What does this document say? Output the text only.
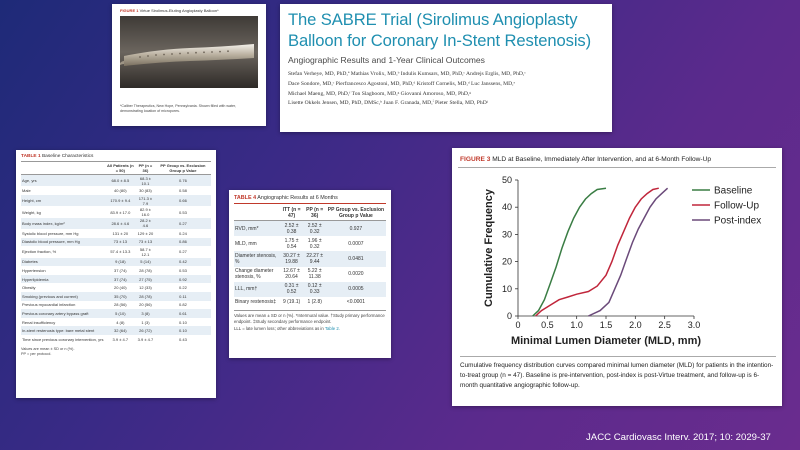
FIGURE 1 Virtue Sirolimus-Eluting Angioplasty Balloon*
*Caliber Therapeutics, New Hope, Pennsylvania. Shown filled with water, demonstrating location of micropores.
The SABRE Trial (Sirolimus Angioplasty Balloon for Coronary In-Stent Restenosis)
Angiographic Results and 1-Year Clinical Outcomes
Stefan Verheye, MD, PhD,ª Mathias Vrolix, MD,ᵇ Indulis Kumsars, MD, PhD,ᶜ Andrejs Erglis, MD, PhD,ᶜ
Dace Sondore, MD,ᶜ Pierfrancesco Agostoni, MD, PhD,ᵈ Kristoff Cornelis, MD,ᵈ Luc Janssens, MD,ᵉ
Michael Maeng, MD, PhD,ᶠ Ton Slagboom, MD,ᵍ Giovanni Amoroso, MD, PhD,ᵍ
Lisette Okkels Jensen, MD, PhD, DMSc,ʰ Juan F. Granada, MD,ⁱ Pieter Stella, MD, PhDʲ
TABLE 1 Baseline Characteristics
	All Patients (n = 50)	PP (n = 36)	PP Group vs. Exclusion Group p Value
Age, yrs	68.0 ± 8.5	68.3 ± 10.1	0.76
Male	40 (80)	30 (83)	0.58
Height, cm	170.9 ± 9.4	171.3 ± 7.9	0.66
Weight, kg	83.9 ± 17.0	82.9 ± 16.0	0.53
Body mass index, kg/m²	28.6 ± 4.6	28.2 ± 4.6	0.27
Systolic blood pressure, mm Hg	131 ± 20	129 ± 20	0.24
Diastolic blood pressure, mm Hg	73 ± 13	73 ± 13	0.86
Ejection fraction, %	57.4 ± 13.3	58.7 ± 12.1	0.27
Diabetes	9 (18)	5 (14)	0.42
Hypertension	37 (74)	28 (78)	0.53
Hyperlipidemia	37 (74)	27 (75)	0.92
Obesity	20 (40)	12 (33)	0.22
Smoking (previous and current)	35 (70)	28 (78)	0.11
Previous myocardial infarction	28 (56)	20 (56)	0.82
Previous coronary artery bypass graft	5 (10)	3 (8)	0.61
Renal insufficiency	4 (8)	1 (3)	0.10
In-stent restenosis type: bare metal stent	32 (64)	26 (72)	0.10
Time since previous coronary intervention, yrs	3.9 ± 4.7	3.9 ± 4.7	0.43
Values are mean ± SD or n (%).
PP = per protocol.
TABLE 4 Angiographic Results at 6 Months
	ITT (n = 47)	PP (n = 36)	PP Group vs. Exclusion Group p Value
RVD, mm*	2.52 ± 0.38	2.52 ± 0.32	0.927
MLD, mm	1.75 ± 0.54	1.96 ± 0.32	0.0007
Diameter stenosis, %	30.27 ± 19.88	22.27 ± 9.44	0.0481
Change diameter stenosis, %	12.67 ± 20.64	5.22 ± 11.38	0.0020
LLL, mm†	0.31 ± 0.52	0.12 ± 0.33	0.0005
Binary restenosis‡	9 (19.1)	1 (2.8)	<0.0001
Values are mean ± SD or n (%). *Intermural value. †Study primary performance endpoint. ‡Study secondary performance endpoint.
LLL = late lumen loss; other abbreviations as in Table 2.
FIGURE 3 MLD at Baseline, Immediately After Intervention, and at 6-Month Follow-Up
0 0.5 1.0 1.5 2.0 2.5 3.0
0
10
20
30
40
50
Minimal Lumen Diameter (MLD, mm)
Cumulative Frequency	Baseline
Follow-Up
Post-index
Cumulative frequency distribution curves compared minimal lumen diameter (MLD) for patients in the intention-to-treat group (n = 47). Baseline is pre-intervention, post-index is post-Virtue treatment, and follow-up is 6-month quantitative angiographic follow-up.
JACC Cardiovasc Interv. 2017; 10: 2029-37
